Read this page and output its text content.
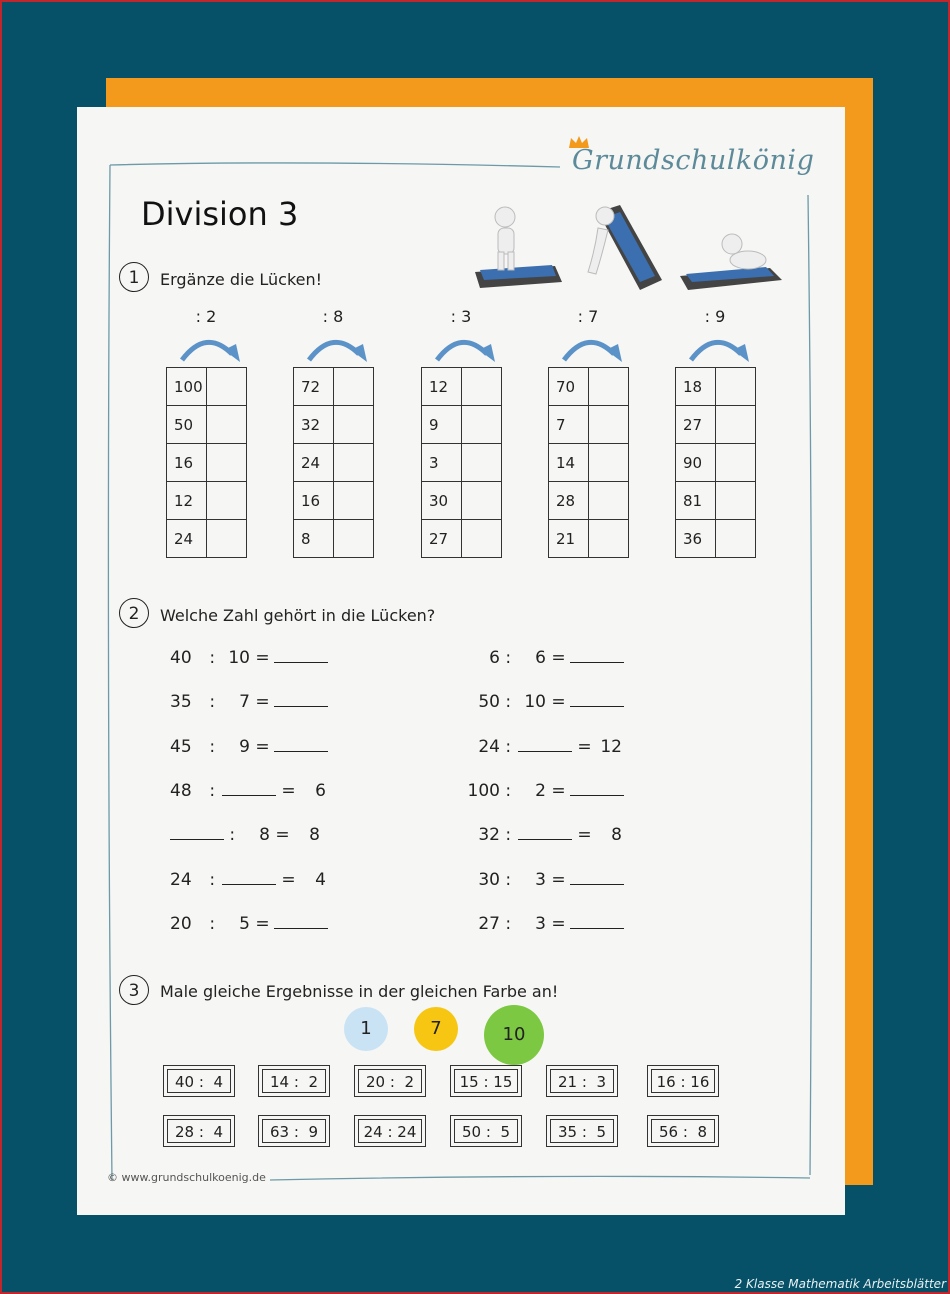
Grundschulkönig
Division 3
1	Ergänze die Lücken!
: 2
100	
50	
16	
12	
24	
: 8
72	
32	
24	
16	
8	
: 3
12	
9	
3	
30	
27	
: 7
70	
7	
14	
28	
21	
: 9
18	
27	
90	
81	
36	
2	Welche Zahl gehört in die Lücken?
40 : 10 =
35 : 7 =
45 : 9 =
48 :	= 6
: 8 = 8
24 :	= 4
20 : 5 =
6 : 6 =
50 : 10 =
24 :	= 12
100 : 2 =
32 :	= 8
30 : 3 =
27 : 3 =
3	Male gleiche Ergebnisse in der gleichen Farbe an!
1	7	10
40 :  4	14 :  2	20 :  2	15 : 15	21 :  3	16 : 16
28 :  4	63 :  9	24 : 24	50 :  5	35 :  5	56 :  8
© www.grundschulkoenig.de
2 Klasse Mathematik Arbeitsblätter
